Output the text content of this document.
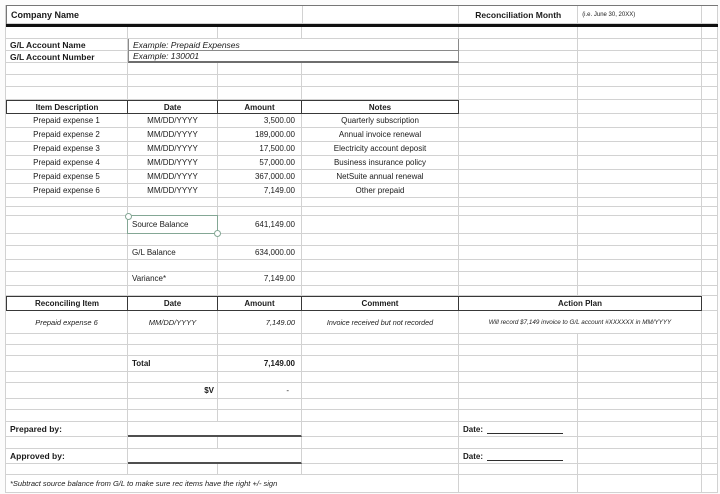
Company Name	Reconciliation Month	(i.e. June 30, 20XX)
G/L Account Name	Example: Prepaid Expenses
G/L Account Number	Example: 130001
Item Description	Date	Amount	Notes
Prepaid expense 1	MM/DD/YYYY	3,500.00	Quarterly subscription
Prepaid expense 2	MM/DD/YYYY	189,000.00	Annual invoice renewal
Prepaid expense 3	MM/DD/YYYY	17,500.00	Electricity account deposit
Prepaid expense 4	MM/DD/YYYY	57,000.00	Business insurance policy
Prepaid expense 5	MM/DD/YYYY	367,000.00	NetSuite annual renewal
Prepaid expense 6	MM/DD/YYYY	7,149.00	Other prepaid
Source Balance	641,149.00
G/L Balance	634,000.00
Variance*	7,149.00
Reconciling Item	Date	Amount	Comment	Action Plan
Prepaid expense 6	MM/DD/YYYY	7,149.00	Invoice received but not recorded	Will record $7,149 invoice to G/L account #XXXXXX in MM/YYYY
Total	7,149.00
$V	-
Prepared by:	Date:
Approved by:	Date:
*Subtract source balance from G/L to make sure rec items have the right +/- sign
